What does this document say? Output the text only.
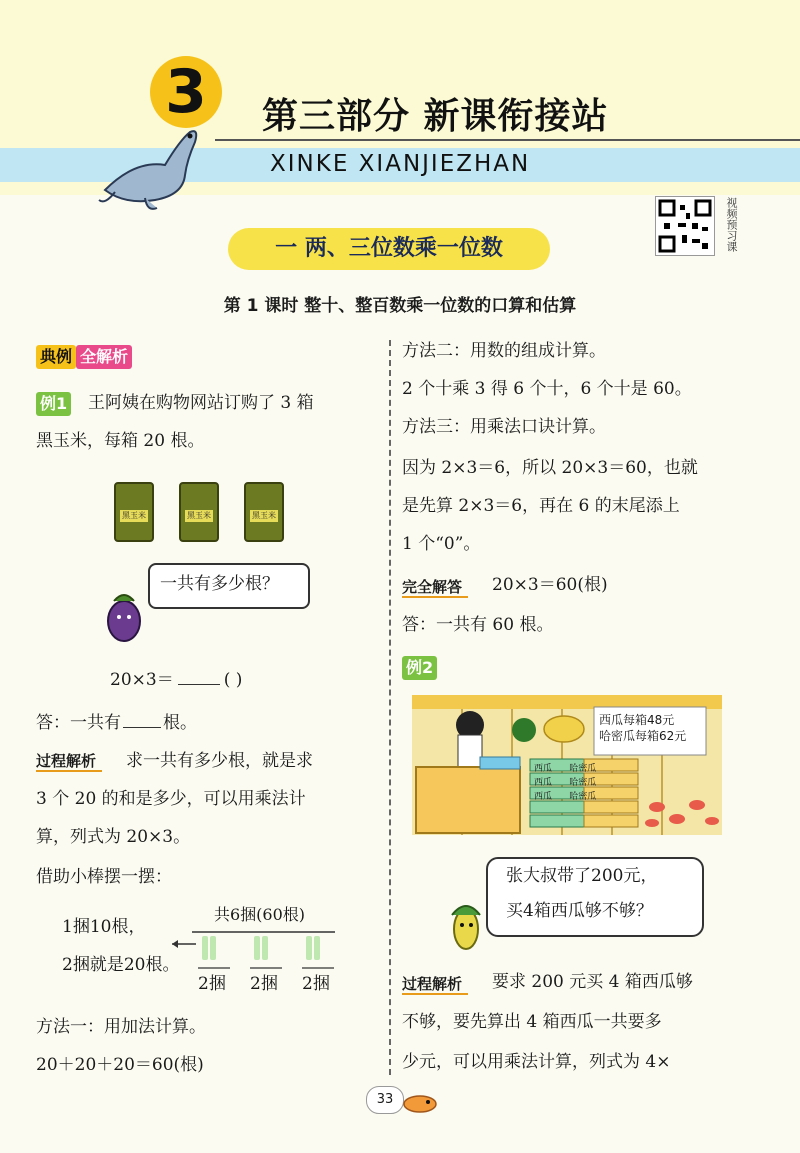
3	第三部分 新课衔接站
XINKE XIANJIEZHAN
视频预习课
一 两、三位数乘一位数
第 1 课时 整十、整百数乘一位数的口算和估算
典例 全解析
例1 王阿姨在购物网站订购了 3 箱
黑玉米，每箱 20 根。
黑玉米	黑玉米	黑玉米
一共有多少根？
20×3＝	( )
答：一共有 根。
过程解析	求一共有多少根，就是求
3 个 20 的和是多少，可以用乘法计
算，列式为 20×3。
借助小棒摆一摆：
1捆10根，
2捆就是20根。
共6捆(60根)
2捆 2捆 2捆
方法一：用加法计算。
20＋20＋20＝60(根)
方法二：用数的组成计算。
2 个十乘 3 得 6 个十，6 个十是 60。
方法三：用乘法口诀计算。
因为 2×3＝6，所以 20×3＝60，也就
是先算 2×3＝6，再在 6 的末尾添上
1 个“0”。
完全解答	20×3＝60(根)
答：一共有 60 根。
例2
西瓜每箱48元
哈密瓜每箱62元
西瓜 哈密瓜
西瓜 哈密瓜
西瓜 哈密瓜
张大叔带了200元，
买4箱西瓜够不够？
过程解析	要求 200 元买 4 箱西瓜够
不够，要先算出 4 箱西瓜一共要多
少元，可以用乘法计算，列式为 4×
33
